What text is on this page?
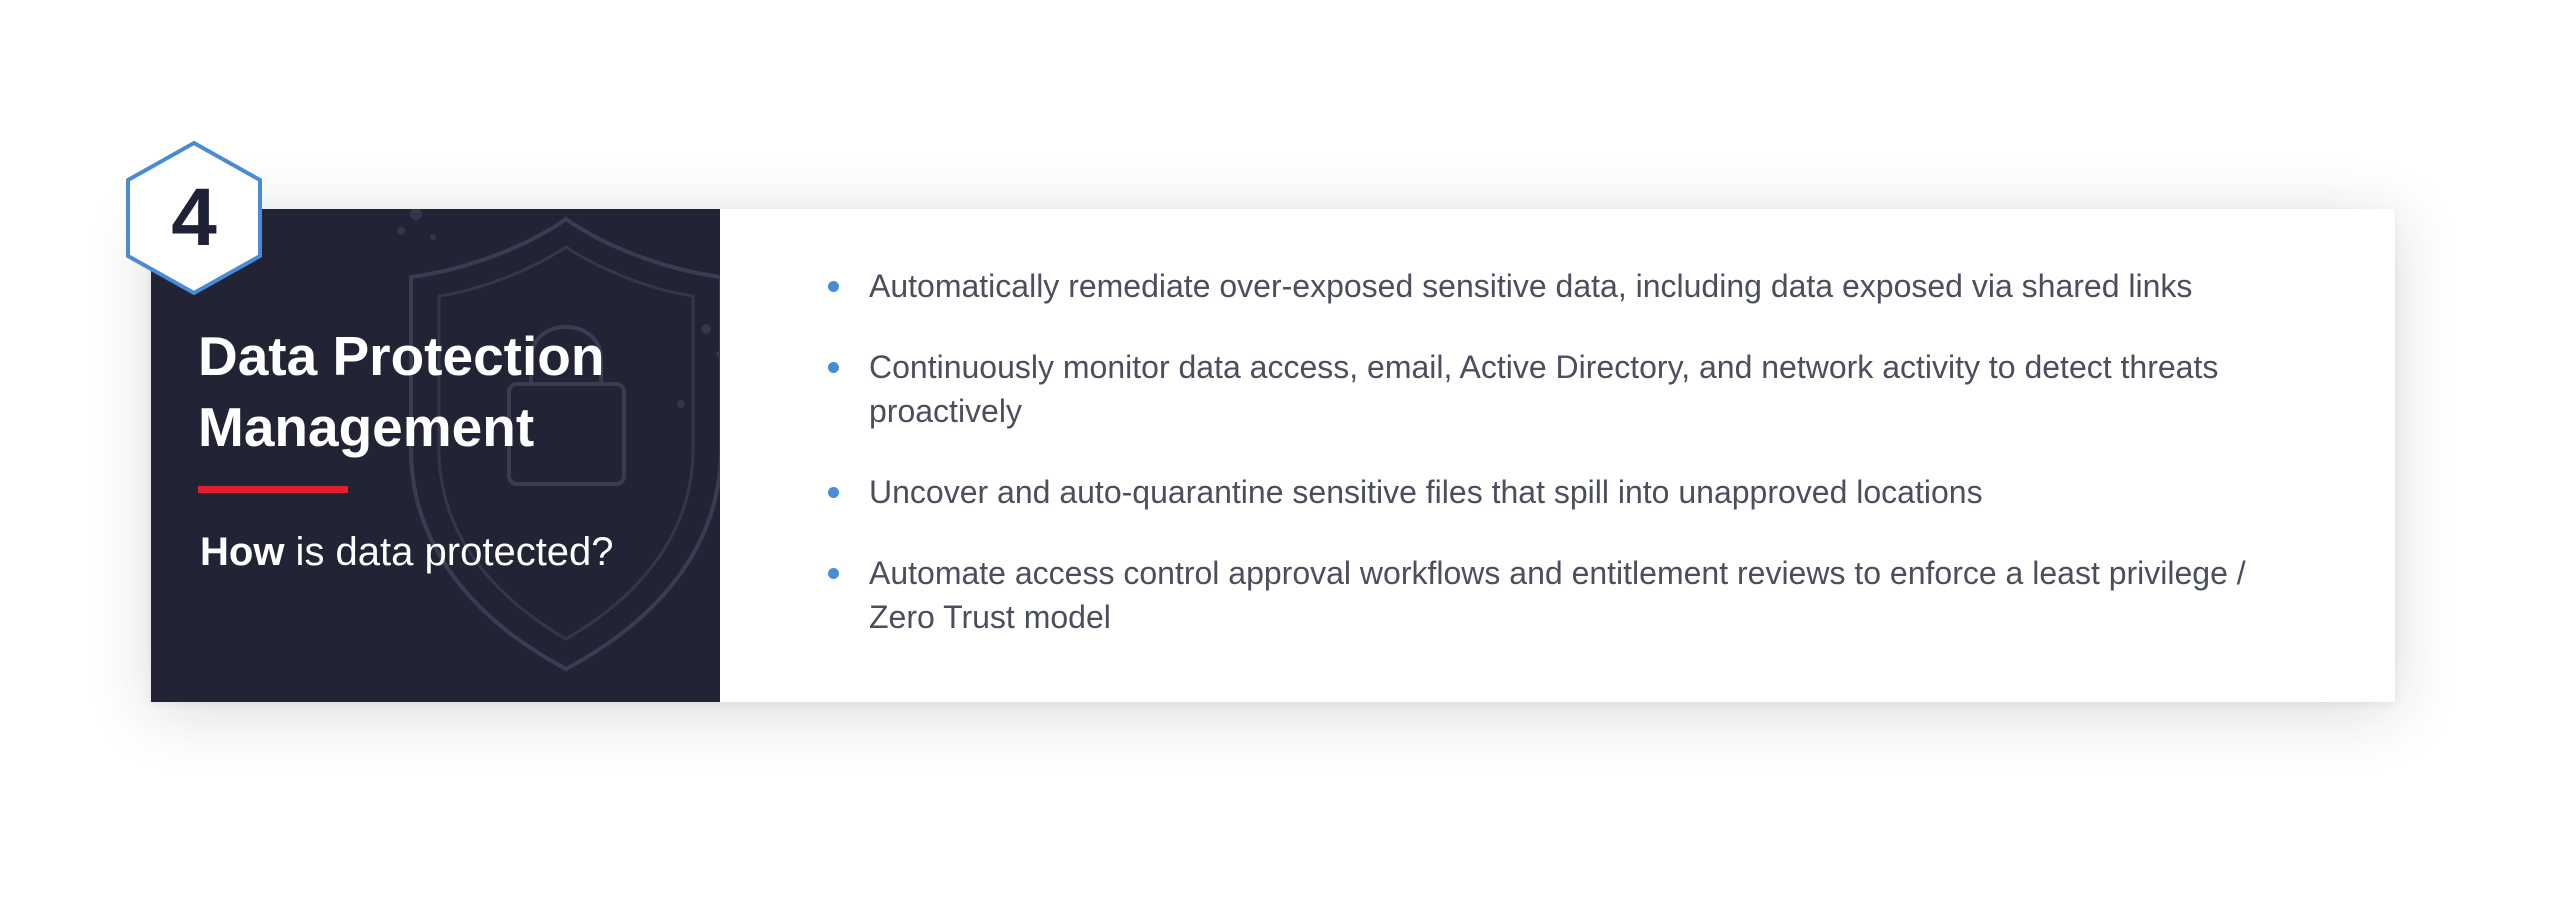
Data Protection
Management
How is data protected?
Automatically remediate over-exposed sensitive data, including data exposed via shared links
Continuously monitor data access, email, Active Directory, and network activity to detect threats proactively
Uncover and auto-quarantine sensitive files that spill into unapproved locations
Automate access control approval workflows and entitlement reviews to enforce a least privilege / Zero Trust model
4
